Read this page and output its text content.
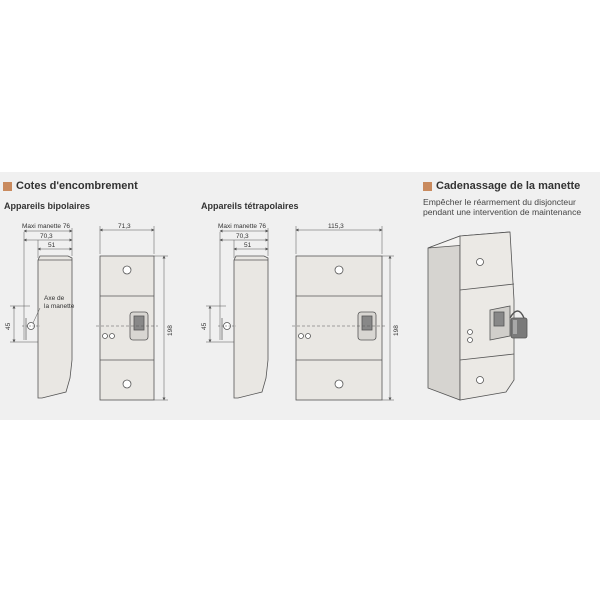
Cotes d'encombrement
Appareils bipolaires	Appareils tétrapolaires
Cadenassage de la manette
Empêcher le réarmement du disjoncteur
pendant une intervention de maintenance
Maxi manette 76
70,3
51
45
Axe de
la manette
71,3
198
Maxi manette 76
70,3
51
45
115,3
198
